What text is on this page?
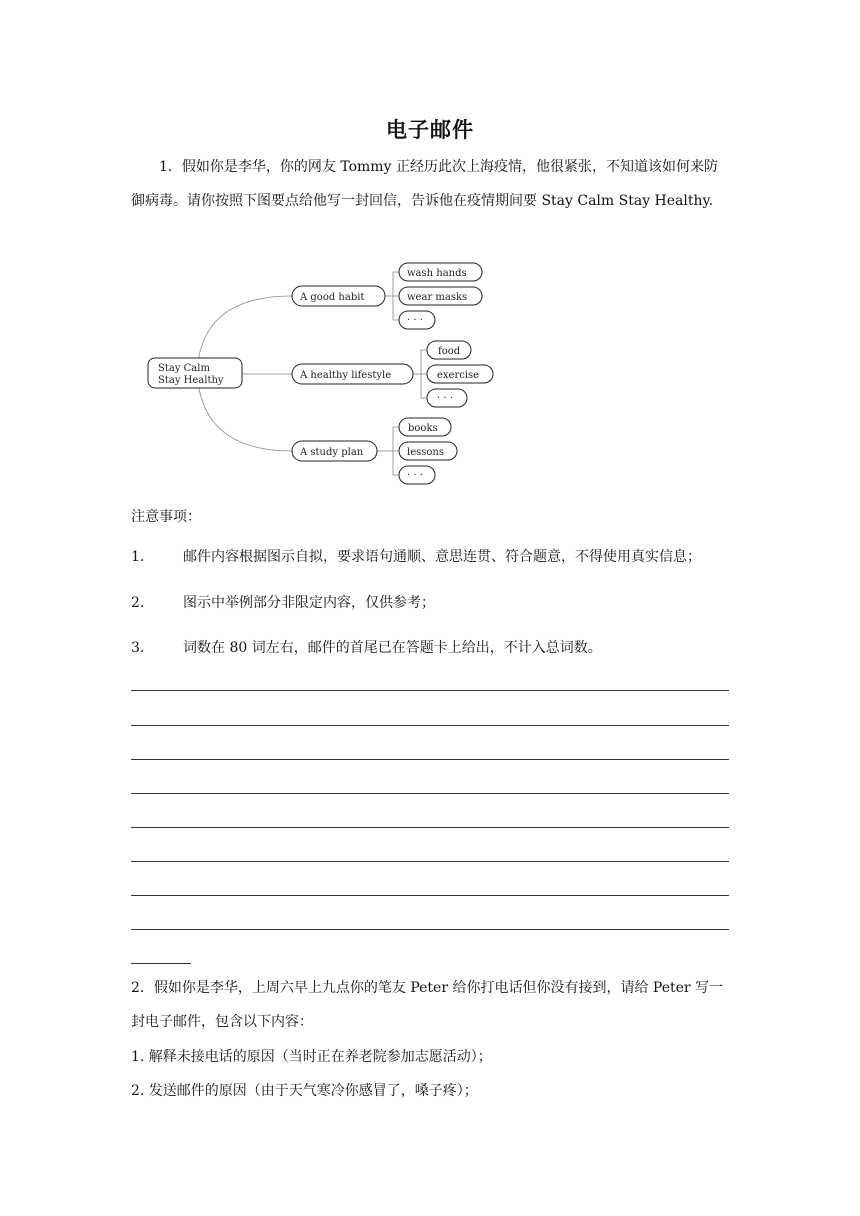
电子邮件
1．假如你是李华，你的网友 Tommy 正经历此次上海疫情，他很紧张，不知道该如何来防御病毒。请你按照下图要点给他写一封回信，告诉他在疫情期间要 Stay Calm Stay Healthy.
Stay Calm
Stay Healthy
A good habit
A healthy lifestyle
A study plan
wash hands
wear masks
· · ·
food
exercise
· · ·
books
lessons
· · ·
注意事项：
1.	邮件内容根据图示自拟，要求语句通顺、意思连贯、符合题意，不得使用真实信息；
2.	图示中举例部分非限定内容，仅供参考；
3.	词数在 80 词左右，邮件的首尾已在答题卡上给出，不计入总词数。
2．假如你是李华，上周六早上九点你的笔友 Peter 给你打电话但你没有接到，请给 Peter 写一封电子邮件，包含以下内容：
1. 解释未接电话的原因（当时正在养老院参加志愿活动）；
2. 发送邮件的原因（由于天气寒冷你感冒了，嗓子疼）；
